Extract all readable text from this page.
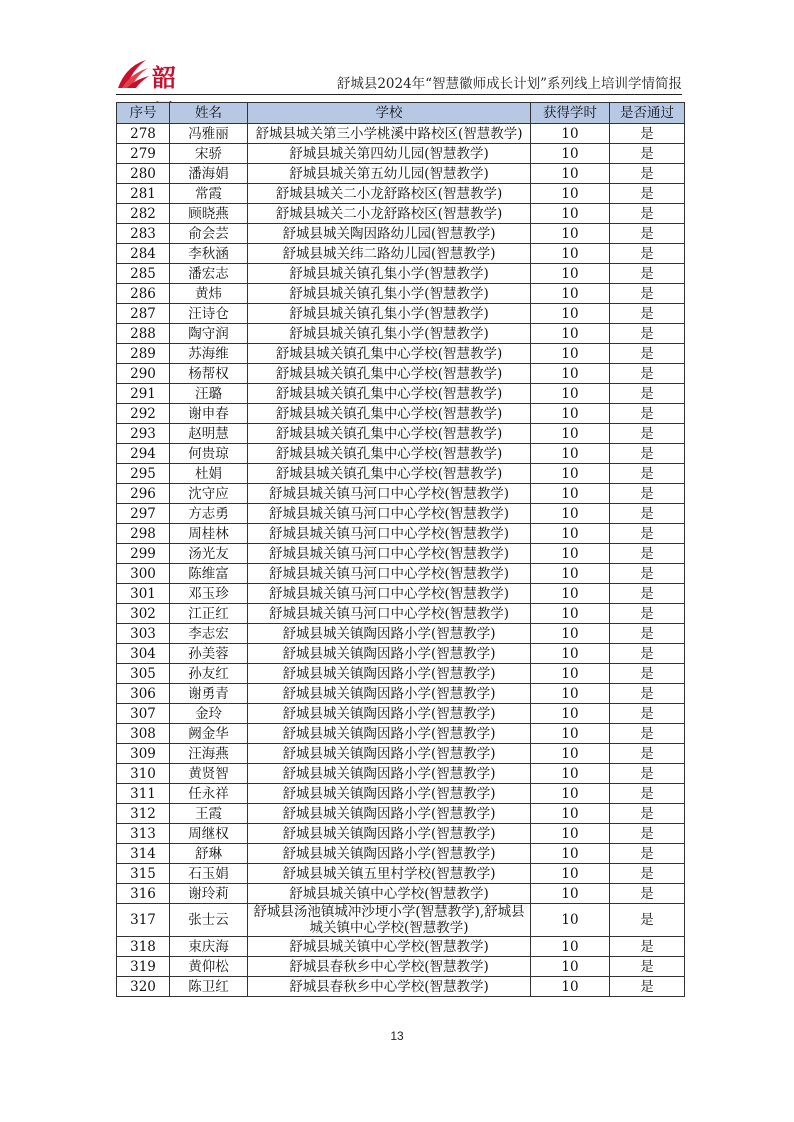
韶	舒城县2024年“智慧徽师成长计划”系列线上培训学情简报
序号	姓名	学校	获得学时	是否通过
278	冯雅丽	舒城县城关第三小学桃溪中路校区(智慧教学)	10	是
279	宋骄	舒城县城关第四幼儿园(智慧教学)	10	是
280	潘海娟	舒城县城关第五幼儿园(智慧教学)	10	是
281	常霞	舒城县城关二小龙舒路校区(智慧教学)	10	是
282	顾晓燕	舒城县城关二小龙舒路校区(智慧教学)	10	是
283	俞会芸	舒城县城关陶因路幼儿园(智慧教学)	10	是
284	李秋涵	舒城县城关纬二路幼儿园(智慧教学)	10	是
285	潘宏志	舒城县城关镇孔集小学(智慧教学)	10	是
286	黄炜	舒城县城关镇孔集小学(智慧教学)	10	是
287	汪诗仓	舒城县城关镇孔集小学(智慧教学)	10	是
288	陶守润	舒城县城关镇孔集小学(智慧教学)	10	是
289	苏海维	舒城县城关镇孔集中心学校(智慧教学)	10	是
290	杨帮权	舒城县城关镇孔集中心学校(智慧教学)	10	是
291	汪璐	舒城县城关镇孔集中心学校(智慧教学)	10	是
292	谢申春	舒城县城关镇孔集中心学校(智慧教学)	10	是
293	赵明慧	舒城县城关镇孔集中心学校(智慧教学)	10	是
294	何贵琼	舒城县城关镇孔集中心学校(智慧教学)	10	是
295	杜娟	舒城县城关镇孔集中心学校(智慧教学)	10	是
296	沈守应	舒城县城关镇马河口中心学校(智慧教学)	10	是
297	方志勇	舒城县城关镇马河口中心学校(智慧教学)	10	是
298	周桂林	舒城县城关镇马河口中心学校(智慧教学)	10	是
299	汤光友	舒城县城关镇马河口中心学校(智慧教学)	10	是
300	陈维富	舒城县城关镇马河口中心学校(智慧教学)	10	是
301	邓玉珍	舒城县城关镇马河口中心学校(智慧教学)	10	是
302	江正红	舒城县城关镇马河口中心学校(智慧教学)	10	是
303	李志宏	舒城县城关镇陶因路小学(智慧教学)	10	是
304	孙美蓉	舒城县城关镇陶因路小学(智慧教学)	10	是
305	孙友红	舒城县城关镇陶因路小学(智慧教学)	10	是
306	谢勇青	舒城县城关镇陶因路小学(智慧教学)	10	是
307	金玲	舒城县城关镇陶因路小学(智慧教学)	10	是
308	阙金华	舒城县城关镇陶因路小学(智慧教学)	10	是
309	汪海燕	舒城县城关镇陶因路小学(智慧教学)	10	是
310	黄贤智	舒城县城关镇陶因路小学(智慧教学)	10	是
311	任永祥	舒城县城关镇陶因路小学(智慧教学)	10	是
312	王霞	舒城县城关镇陶因路小学(智慧教学)	10	是
313	周继权	舒城县城关镇陶因路小学(智慧教学)	10	是
314	舒琳	舒城县城关镇陶因路小学(智慧教学)	10	是
315	石玉娟	舒城县城关镇五里村学校(智慧教学)	10	是
316	谢玲莉	舒城县城关镇中心学校(智慧教学)	10	是
317	张士云	舒城县汤池镇城冲沙埂小学(智慧教学),舒城县城关镇中心学校(智慧教学)	10	是
318	束庆海	舒城县城关镇中心学校(智慧教学)	10	是
319	黄仰松	舒城县春秋乡中心学校(智慧教学)	10	是
320	陈卫红	舒城县春秋乡中心学校(智慧教学)	10	是
13
